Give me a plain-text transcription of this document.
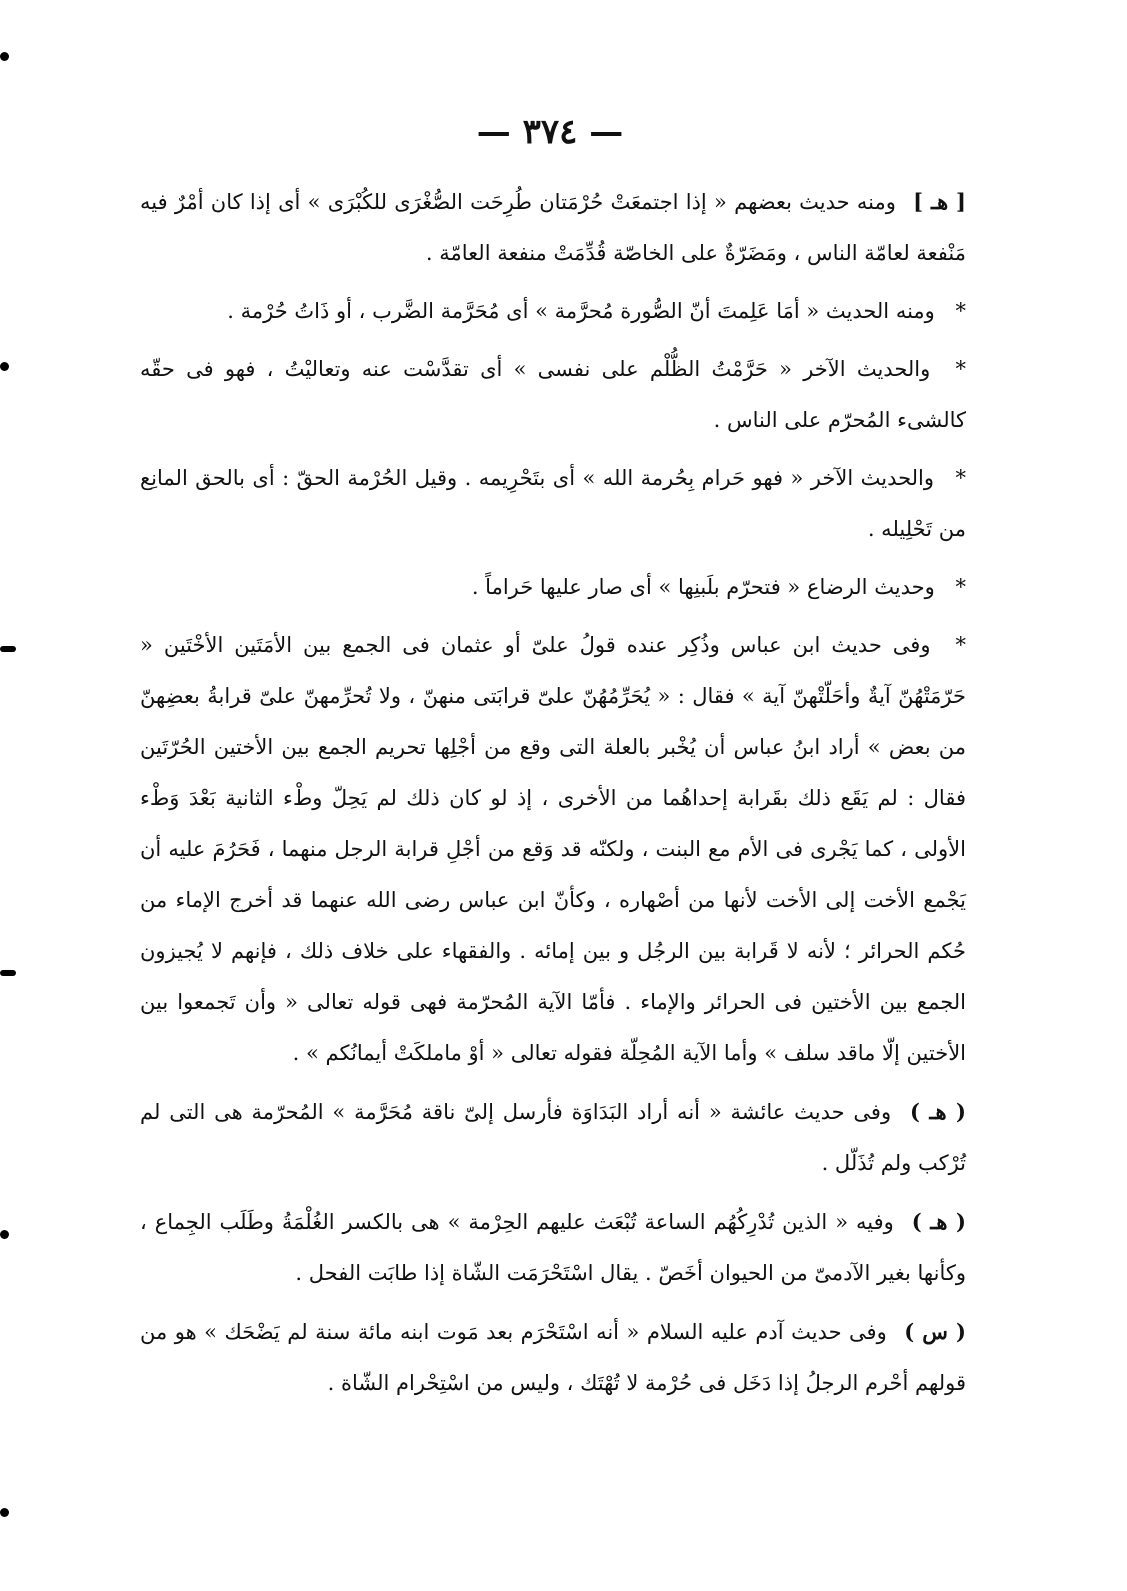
— ٣٧٤ —

[ هـ ] ومنه حديث بعضهم « إذا اجتمعَتْ حُرْمَتان طُرِحَت الصُّغْرَى للكُبْرَى » أى إذا كان أمْرٌ فيه مَنْفعة لعامّة الناس ، ومَضَرّةٌ على الخاصّة قُدِّمَتْ منفعة العامّة .

* ومنه الحديث « أمَا عَلِمتَ أنّ الصُّورة مُحرَّمة » أى مُحَرَّمة الضَّرب ، أو ذَاتُ حُرْمة .

* والحديث الآخر « حَرَّمْتُ الظُّلْم على نفسى » أى تقدَّسْت عنه وتعاليْتُ ، فهو فى حقّه كالشىء المُحرّم على الناس .

* والحديث الآخر « فهو حَرام بِحُرمة الله » أى بتَحْرِيمه . وقيل الحُرْمة الحقّ : أى بالحق المانِع من تَحْلِيله .

* وحديث الرضاع « فتحرّم بلَبنِها » أى صار عليها حَراماً .

* وفى حديث ابن عباس وذُكِر عنده قولُ علىّ أو عثمان فى الجمع بين الأمَتَين الأخْتَين « حَرّمَتْهُنّ آيةٌ وأحَلّتْهنّ آية » فقال : « يُحَرِّمُهُنّ علىّ قرابَتى منهنّ ، ولا تُحرِّمهنّ علىّ قرابةُ بعضِهنّ من بعض » أراد ابنُ عباس أن يُخْبر بالعلة التى وقع من أجْلِها تحريم الجمع بين الأختين الحُرّتَين فقال : لم يَقَع ذلك بقَرابة إحداهُما من الأخرى ، إذ لو كان ذلك لم يَحِلّ وطْء الثانية بَعْدَ وَطْء الأولى ، كما يَجْرى فى الأم مع البنت ، ولكنّه قد وَقع من أجْلِ قرابة الرجل منهما ، فَحَرُمَ عليه أن يَجْمع الأخت إلى الأخت لأنها من أصْهاره ، وكأنّ ابن عباس رضى الله عنهما قد أخرج الإماء من حُكم الحرائر ؛ لأنه لا قَرابة بين الرجُل و بين إمائه . والفقهاء على خلاف ذلك ، فإنهم لا يُجيزون الجمع بين الأختين فى الحرائر والإماء . فأمّا الآية المُحرّمة فهى قوله تعالى « وأن تَجمعوا بين الأختين إلّا ماقد سلف » وأما الآية المُحِلّة فقوله تعالى « أوْ ماملكَتْ أيمانُكم » .

( هـ ) وفى حديث عائشة « أنه أراد البَدَاوَة فأرسل إلىّ ناقة مُحَرَّمة » المُحرّمة هى التى لم تُرْكب ولم تُذَلّل .

( هـ ) وفيه « الذين تُدْرِكُهُم الساعة تُبْعَث عليهم الحِرْمة » هى بالكسر الغُلْمَةُ وطَلَب الجِماع ، وكأنها بغير الآدمىّ من الحيوان أخَصّ . يقال اسْتَحْرَمَت الشّاة إذا طابَت الفحل .

( س ) وفى حديث آدم عليه السلام « أنه اسْتَحْرَم بعد مَوت ابنه مائة سنة لم يَضْحَك » هو من قولهم أحْرم الرجلُ إذا دَخَل فى حُرْمة لا تُهْتَك ، وليس من اسْتِحْرام الشّاة .
